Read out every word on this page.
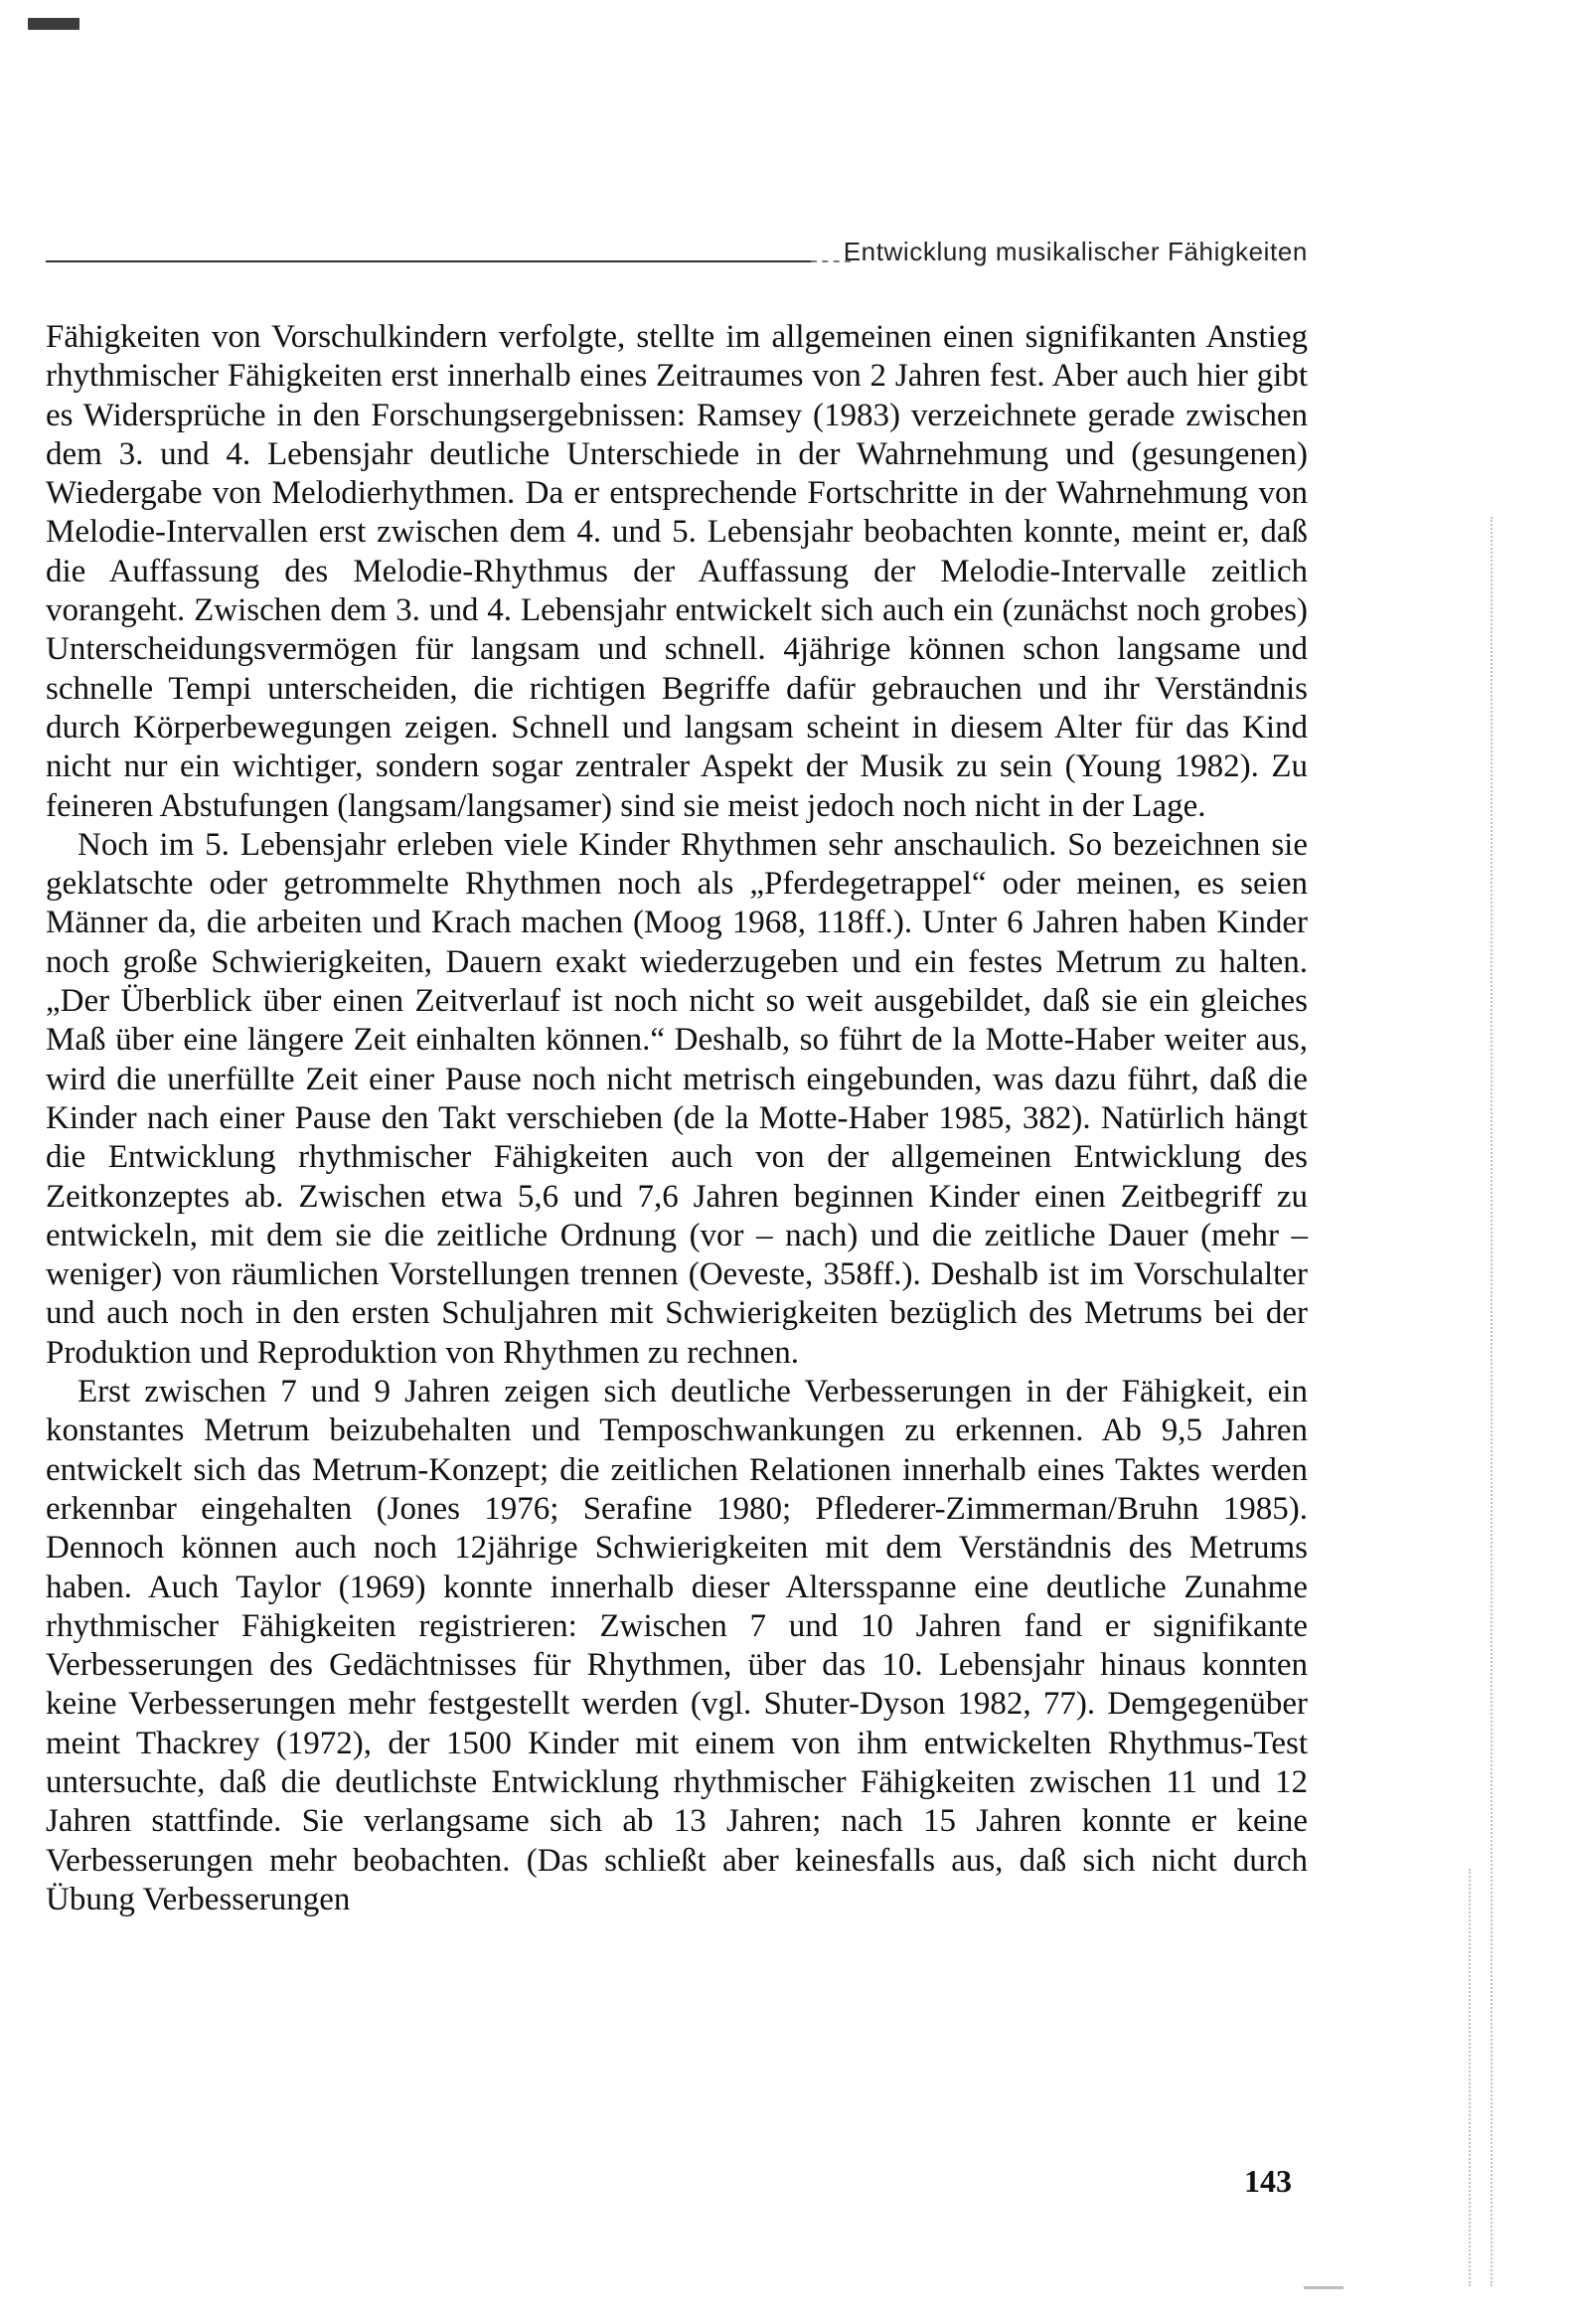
Entwicklung musikalischer Fähigkeiten

Fähigkeiten von Vorschulkindern verfolgte, stellte im allgemeinen einen signifikanten Anstieg rhythmischer Fähigkeiten erst innerhalb eines Zeitraumes von 2 Jahren fest. Aber auch hier gibt es Widersprüche in den Forschungsergebnissen: Ramsey (1983) verzeichnete gerade zwischen dem 3. und 4. Lebensjahr deutliche Unterschiede in der Wahrnehmung und (gesungenen) Wiedergabe von Melodierhythmen. Da er entsprechende Fortschritte in der Wahrnehmung von Melodie-Intervallen erst zwischen dem 4. und 5. Lebensjahr beobachten konnte, meint er, daß die Auffassung des Melodie-Rhythmus der Auffassung der Melodie-Intervalle zeitlich vorangeht. Zwischen dem 3. und 4. Lebensjahr entwickelt sich auch ein (zunächst noch grobes) Unterscheidungsvermögen für langsam und schnell. 4jährige können schon langsame und schnelle Tempi unterscheiden, die richtigen Begriffe dafür gebrauchen und ihr Verständnis durch Körperbewegungen zeigen. Schnell und langsam scheint in diesem Alter für das Kind nicht nur ein wichtiger, sondern sogar zentraler Aspekt der Musik zu sein (Young 1982). Zu feineren Abstufungen (langsam/langsamer) sind sie meist jedoch noch nicht in der Lage.

Noch im 5. Lebensjahr erleben viele Kinder Rhythmen sehr anschaulich. So bezeichnen sie geklatschte oder getrommelte Rhythmen noch als „Pferdegetrappel“ oder meinen, es seien Männer da, die arbeiten und Krach machen (Moog 1968, 118ff.). Unter 6 Jahren haben Kinder noch große Schwierigkeiten, Dauern exakt wiederzugeben und ein festes Metrum zu halten. „Der Überblick über einen Zeitverlauf ist noch nicht so weit ausgebildet, daß sie ein gleiches Maß über eine längere Zeit einhalten können.“ Deshalb, so führt de la Motte-Haber weiter aus, wird die unerfüllte Zeit einer Pause noch nicht metrisch eingebunden, was dazu führt, daß die Kinder nach einer Pause den Takt verschieben (de la Motte-Haber 1985, 382). Natürlich hängt die Entwicklung rhythmischer Fähigkeiten auch von der allgemeinen Entwicklung des Zeitkonzeptes ab. Zwischen etwa 5,6 und 7,6 Jahren beginnen Kinder einen Zeitbegriff zu entwickeln, mit dem sie die zeitliche Ordnung (vor – nach) und die zeitliche Dauer (mehr – weniger) von räumlichen Vorstellungen trennen (Oeveste, 358ff.). Deshalb ist im Vorschulalter und auch noch in den ersten Schuljahren mit Schwierigkeiten bezüglich des Metrums bei der Produktion und Reproduktion von Rhythmen zu rechnen.

Erst zwischen 7 und 9 Jahren zeigen sich deutliche Verbesserungen in der Fähigkeit, ein konstantes Metrum beizubehalten und Temposchwankungen zu erkennen. Ab 9,5 Jahren entwickelt sich das Metrum-Konzept; die zeitlichen Relationen innerhalb eines Taktes werden erkennbar eingehalten (Jones 1976; Serafine 1980; Pflederer-Zimmerman/Bruhn 1985). Dennoch können auch noch 12jährige Schwierigkeiten mit dem Verständnis des Metrums haben. Auch Taylor (1969) konnte innerhalb dieser Altersspanne eine deutliche Zunahme rhythmischer Fähigkeiten registrieren: Zwischen 7 und 10 Jahren fand er signifikante Verbesserungen des Gedächtnisses für Rhythmen, über das 10. Lebensjahr hinaus konnten keine Verbesserungen mehr festgestellt werden (vgl. Shuter-Dyson 1982, 77). Demgegenüber meint Thackrey (1972), der 1500 Kinder mit einem von ihm entwickelten Rhythmus-Test untersuchte, daß die deutlichste Entwicklung rhythmischer Fähigkeiten zwischen 11 und 12 Jahren stattfinde. Sie verlangsame sich ab 13 Jahren; nach 15 Jahren konnte er keine Verbesserungen mehr beobachten. (Das schließt aber keinesfalls aus, daß sich nicht durch Übung Verbesserungen

143
